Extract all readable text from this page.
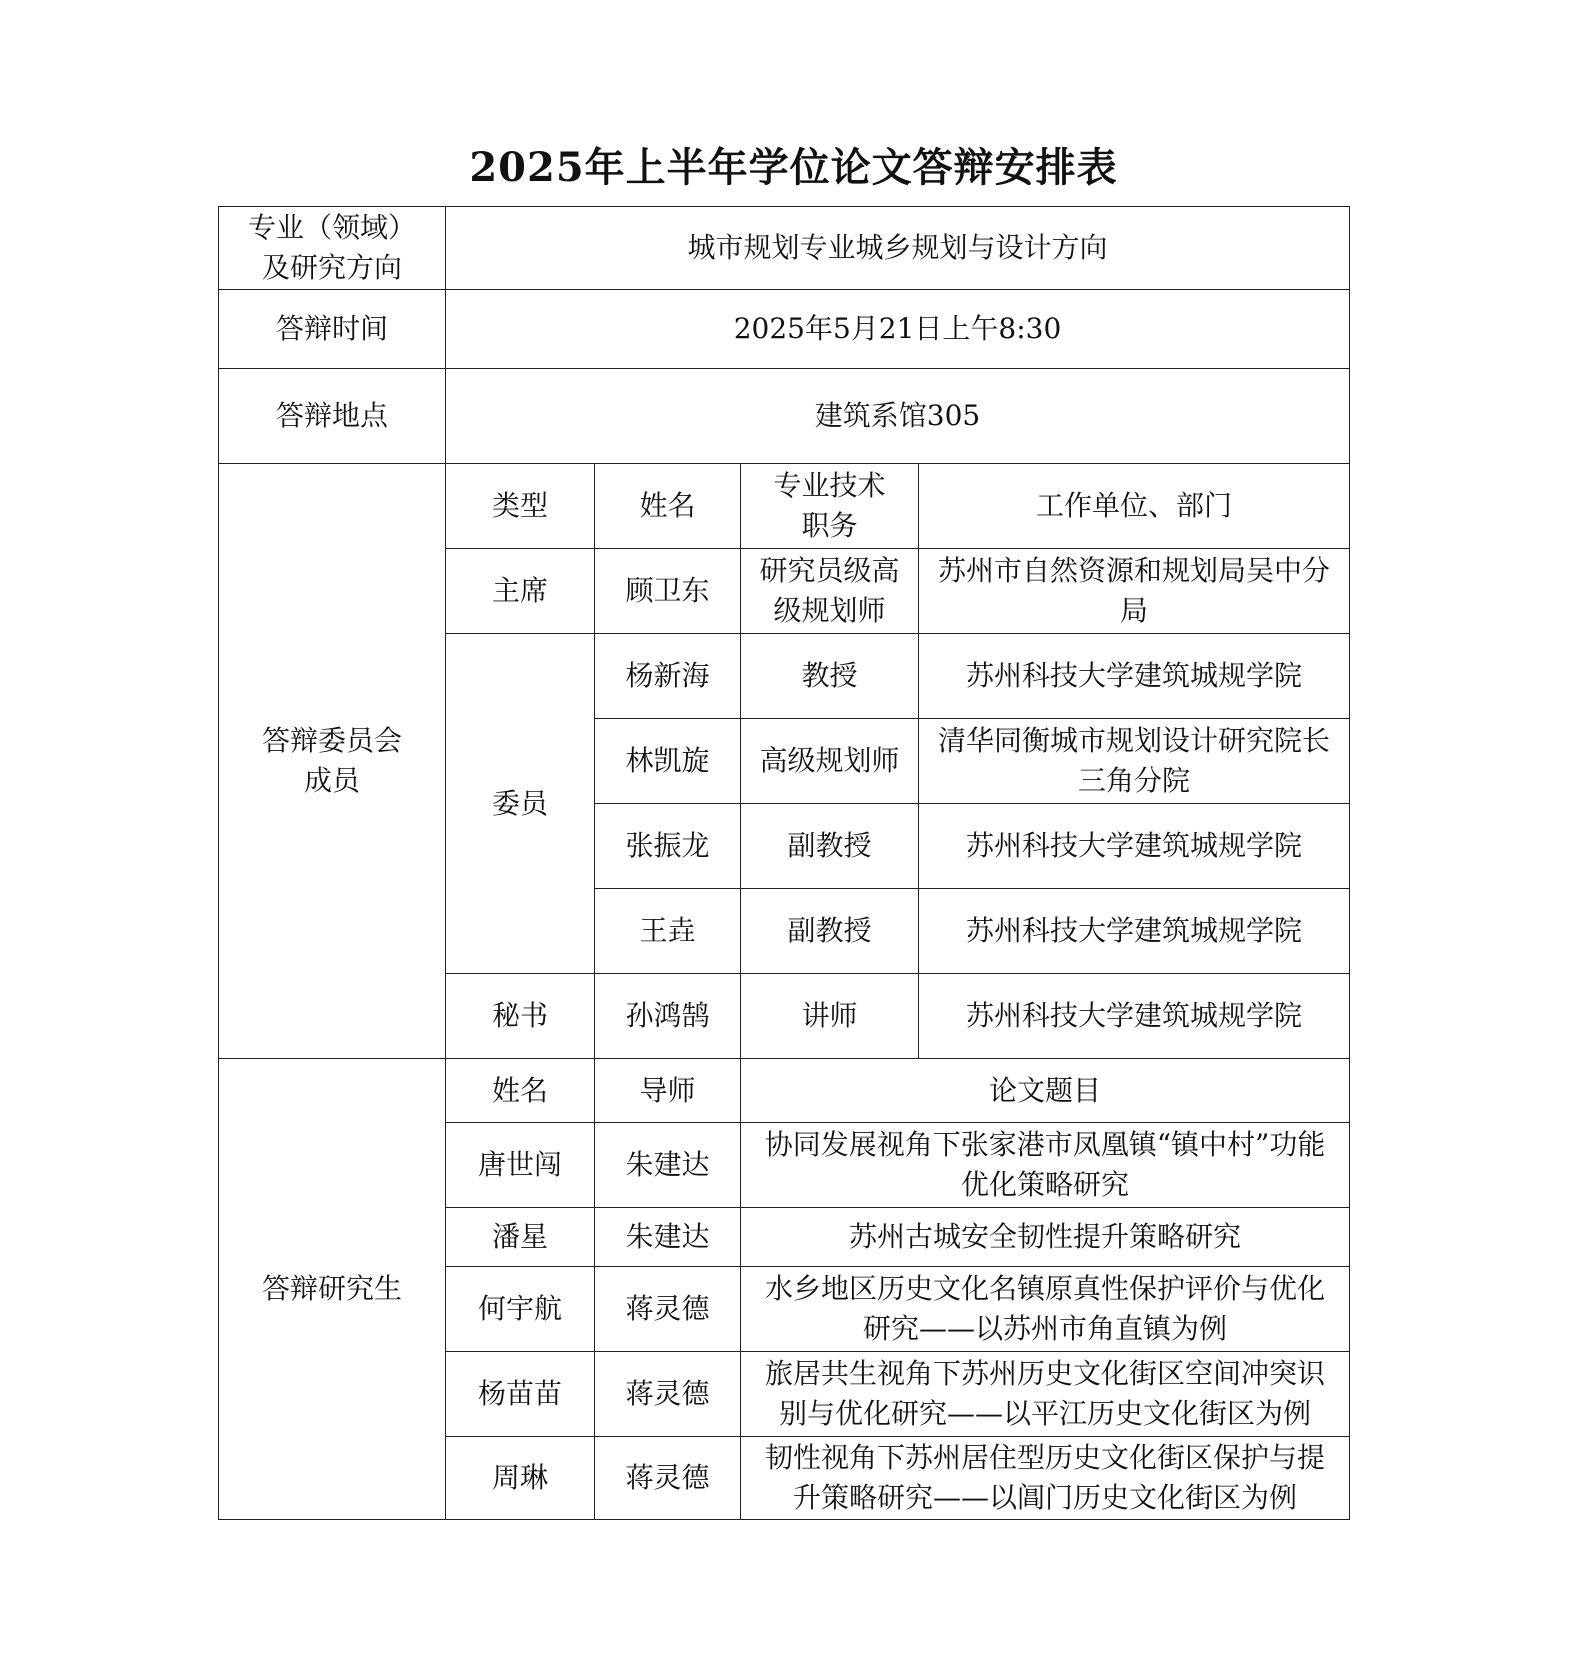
2025年上半年学位论文答辩安排表
专业（领域）及研究方向	城市规划专业城乡规划与设计方向			
答辩时间	2025年5月21日上午8:30			
答辩地点	建筑系馆305			
答辩委员会成员	类型	姓名	专业技术职务	工作单位、部门
	主席	顾卫东	研究员级高级规划师	苏州市自然资源和规划局吴中分局
	委员	杨新海	教授	苏州科技大学建筑城规学院
		林凯旋	高级规划师	清华同衡城市规划设计研究院长三角分院
		张振龙	副教授	苏州科技大学建筑城规学院
		王垚	副教授	苏州科技大学建筑城规学院
	秘书	孙鸿鹄	讲师	苏州科技大学建筑城规学院
答辩研究生	姓名	导师	论文题目	
	唐世闯	朱建达	协同发展视角下张家港市凤凰镇“镇中村”功能优化策略研究	
	潘星	朱建达	苏州古城安全韧性提升策略研究	
	何宇航	蒋灵德	水乡地区历史文化名镇原真性保护评价与优化研究——以苏州市角直镇为例	
	杨苗苗	蒋灵德	旅居共生视角下苏州历史文化街区空间冲突识别与优化研究——以平江历史文化街区为例	
	周琳	蒋灵德	韧性视角下苏州居住型历史文化街区保护与提升策略研究——以阊门历史文化街区为例	
